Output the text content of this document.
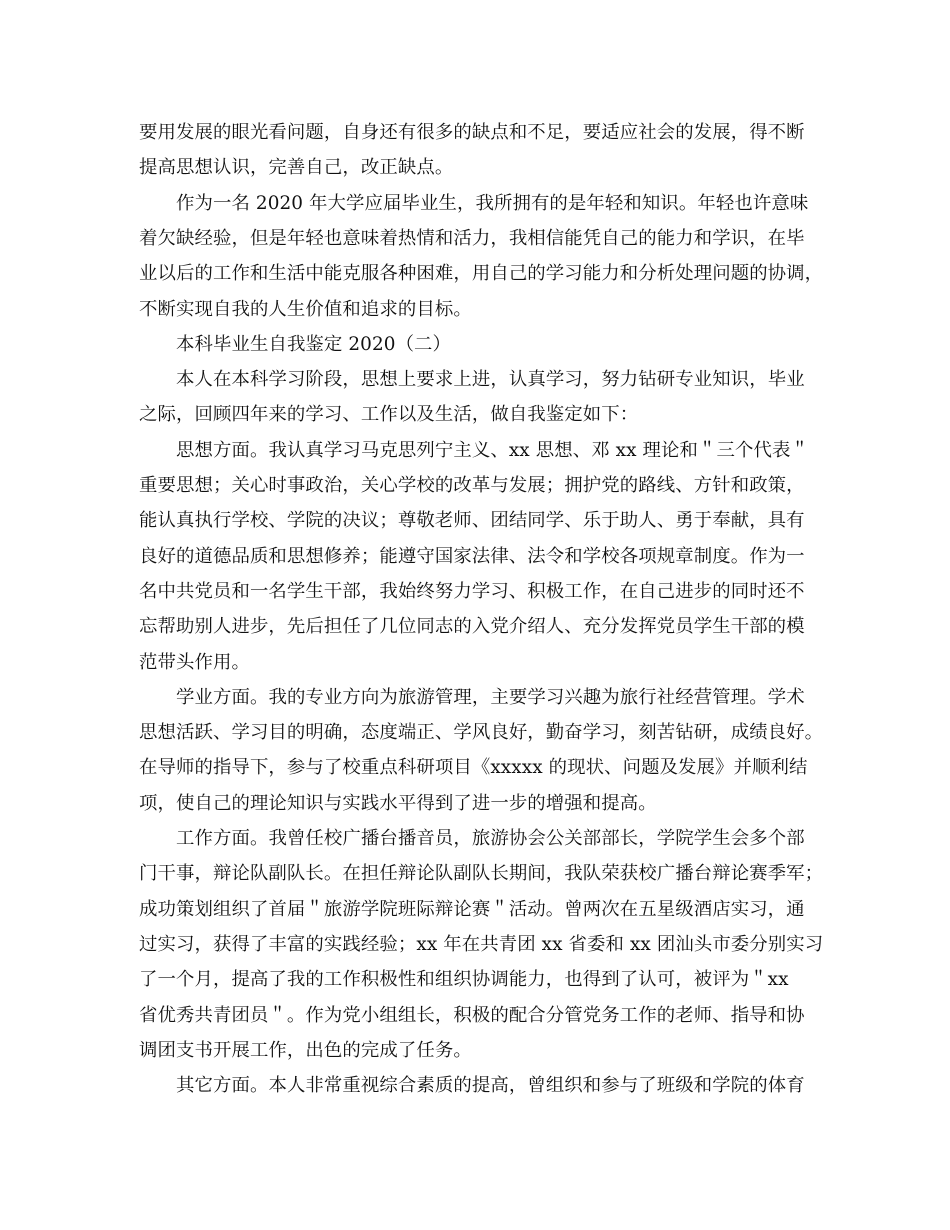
要用发展的眼光看问题，自身还有很多的缺点和不足，要适应社会的发展，得不断
提高思想认识，完善自己，改正缺点。
作为一名 2020 年大学应届毕业生，我所拥有的是年轻和知识。年轻也许意味
着欠缺经验，但是年轻也意味着热情和活力，我相信能凭自己的能力和学识，在毕
业以后的工作和生活中能克服各种困难，用自己的学习能力和分析处理问题的协调，
不断实现自我的人生价值和追求的目标。
本科毕业生自我鉴定 2020（二）
本人在本科学习阶段，思想上要求上进，认真学习，努力钻研专业知识，毕业
之际，回顾四年来的学习、工作以及生活，做自我鉴定如下：
思想方面。我认真学习马克思列宁主义、xx 思想、邓 xx 理论和＂三个代表＂
重要思想；关心时事政治，关心学校的改革与发展；拥护党的路线、方针和政策，
能认真执行学校、学院的决议；尊敬老师、团结同学、乐于助人、勇于奉献，具有
良好的道德品质和思想修养；能遵守国家法律、法令和学校各项规章制度。作为一
名中共党员和一名学生干部，我始终努力学习、积极工作，在自己进步的同时还不
忘帮助别人进步，先后担任了几位同志的入党介绍人、充分发挥党员学生干部的模
范带头作用。
学业方面。我的专业方向为旅游管理，主要学习兴趣为旅行社经营管理。学术
思想活跃、学习目的明确，态度端正、学风良好，勤奋学习，刻苦钻研，成绩良好。
在导师的指导下，参与了校重点科研项目《xxxxx 的现状、问题及发展》并顺利结
项，使自己的理论知识与实践水平得到了进一步的增强和提高。
工作方面。我曾任校广播台播音员，旅游协会公关部部长，学院学生会多个部
门干事，辩论队副队长。在担任辩论队副队长期间，我队荣获校广播台辩论赛季军；
成功策划组织了首届＂旅游学院班际辩论赛＂活动。曾两次在五星级酒店实习，通
过实习，获得了丰富的实践经验；xx 年在共青团 xx 省委和 xx 团汕头市委分别实习
了一个月，提高了我的工作积极性和组织协调能力，也得到了认可，被评为＂xx
省优秀共青团员＂。作为党小组组长，积极的配合分管党务工作的老师、指导和协
调团支书开展工作，出色的完成了任务。
其它方面。本人非常重视综合素质的提高，曾组织和参与了班级和学院的体育
